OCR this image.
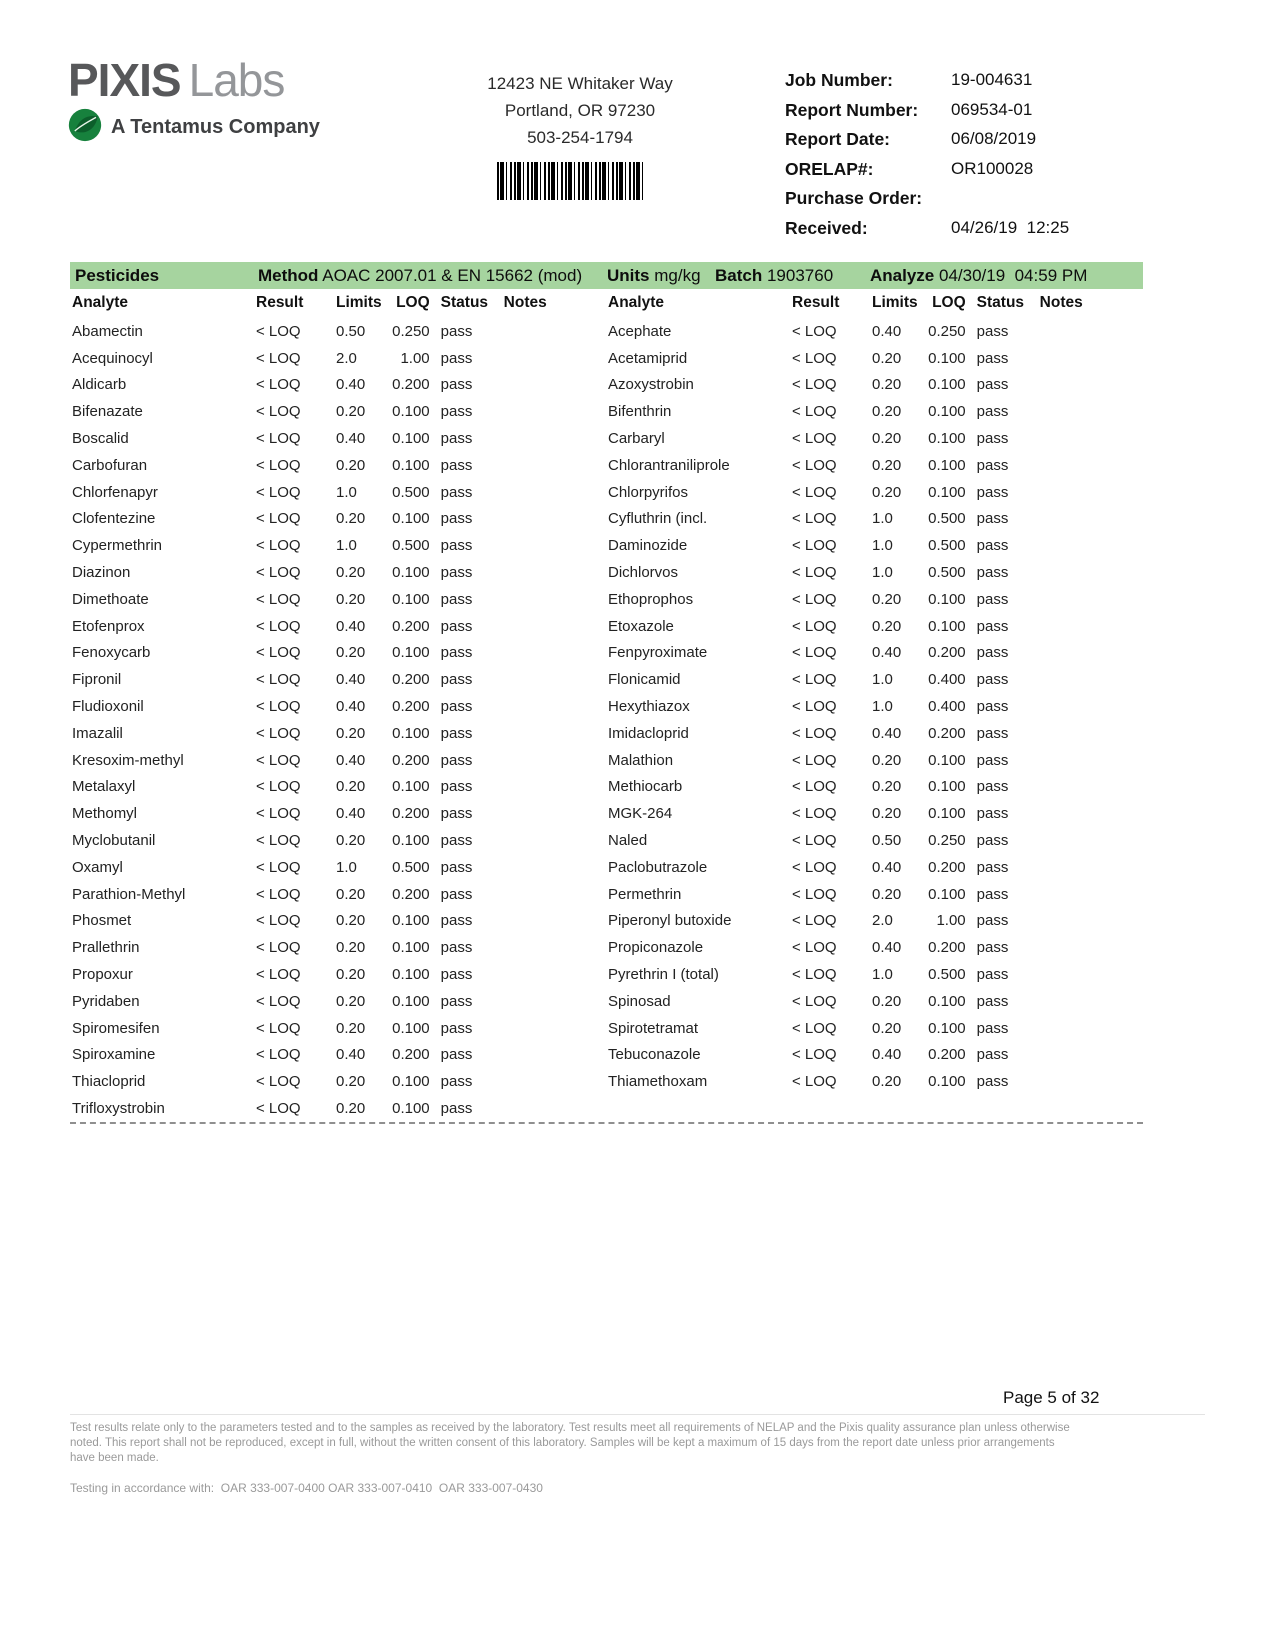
PIXIS Labs
A Tentamus Company
12423 NE Whitaker Way
Portland, OR 97230
503-254-1794
Job Number:	19-004631
Report Number:	069534-01
Report Date:	06/08/2019
ORELAP#:	OR100028
Purchase Order:
Received:	04/26/19  12:25
Pesticides	Method AOAC 2007.01 & EN 15662 (mod) Units mg/kg Batch 1903760 Analyze 04/30/19  04:59 PM
Analyte	Result	Limits	LOQ	Status	Notes
Abamectin	< LOQ	0.50	0.250	pass	
Acequinocyl	< LOQ	2.0	1.00	pass	
Aldicarb	< LOQ	0.40	0.200	pass	
Bifenazate	< LOQ	0.20	0.100	pass	
Boscalid	< LOQ	0.40	0.100	pass	
Carbofuran	< LOQ	0.20	0.100	pass	
Chlorfenapyr	< LOQ	1.0	0.500	pass	
Clofentezine	< LOQ	0.20	0.100	pass	
Cypermethrin	< LOQ	1.0	0.500	pass	
Diazinon	< LOQ	0.20	0.100	pass	
Dimethoate	< LOQ	0.20	0.100	pass	
Etofenprox	< LOQ	0.40	0.200	pass	
Fenoxycarb	< LOQ	0.20	0.100	pass	
Fipronil	< LOQ	0.40	0.200	pass	
Fludioxonil	< LOQ	0.40	0.200	pass	
Imazalil	< LOQ	0.20	0.100	pass	
Kresoxim-methyl	< LOQ	0.40	0.200	pass	
Metalaxyl	< LOQ	0.20	0.100	pass	
Methomyl	< LOQ	0.40	0.200	pass	
Myclobutanil	< LOQ	0.20	0.100	pass	
Oxamyl	< LOQ	1.0	0.500	pass	
Parathion-Methyl	< LOQ	0.20	0.200	pass	
Phosmet	< LOQ	0.20	0.100	pass	
Prallethrin	< LOQ	0.20	0.100	pass	
Propoxur	< LOQ	0.20	0.100	pass	
Pyridaben	< LOQ	0.20	0.100	pass	
Spiromesifen	< LOQ	0.20	0.100	pass	
Spiroxamine	< LOQ	0.40	0.200	pass	
Thiacloprid	< LOQ	0.20	0.100	pass	
Trifloxystrobin	< LOQ	0.20	0.100	pass	
Analyte	Result	Limits	LOQ	Status	Notes
Acephate	< LOQ	0.40	0.250	pass	
Acetamiprid	< LOQ	0.20	0.100	pass	
Azoxystrobin	< LOQ	0.20	0.100	pass	
Bifenthrin	< LOQ	0.20	0.100	pass	
Carbaryl	< LOQ	0.20	0.100	pass	
Chlorantraniliprole	< LOQ	0.20	0.100	pass	
Chlorpyrifos	< LOQ	0.20	0.100	pass	
Cyfluthrin (incl.	< LOQ	1.0	0.500	pass	
Daminozide	< LOQ	1.0	0.500	pass	
Dichlorvos	< LOQ	1.0	0.500	pass	
Ethoprophos	< LOQ	0.20	0.100	pass	
Etoxazole	< LOQ	0.20	0.100	pass	
Fenpyroximate	< LOQ	0.40	0.200	pass	
Flonicamid	< LOQ	1.0	0.400	pass	
Hexythiazox	< LOQ	1.0	0.400	pass	
Imidacloprid	< LOQ	0.40	0.200	pass	
Malathion	< LOQ	0.20	0.100	pass	
Methiocarb	< LOQ	0.20	0.100	pass	
MGK-264	< LOQ	0.20	0.100	pass	
Naled	< LOQ	0.50	0.250	pass	
Paclobutrazole	< LOQ	0.40	0.200	pass	
Permethrin	< LOQ	0.20	0.100	pass	
Piperonyl butoxide	< LOQ	2.0	1.00	pass	
Propiconazole	< LOQ	0.40	0.200	pass	
Pyrethrin I (total)	< LOQ	1.0	0.500	pass	
Spinosad	< LOQ	0.20	0.100	pass	
Spirotetramat	< LOQ	0.20	0.100	pass	
Tebuconazole	< LOQ	0.40	0.200	pass	
Thiamethoxam	< LOQ	0.20	0.100	pass	
Page 5 of 32
Test results relate only to the parameters tested and to the samples as received by the laboratory. Test results meet all requirements of NELAP and the Pixis quality assurance plan unless otherwise noted. This report shall not be reproduced, except in full, without the written consent of this laboratory. Samples will be kept a maximum of 15 days from the report date unless prior arrangements have been made.
Testing in accordance with:  OAR 333-007-0400 OAR 333-007-0410  OAR 333-007-0430
